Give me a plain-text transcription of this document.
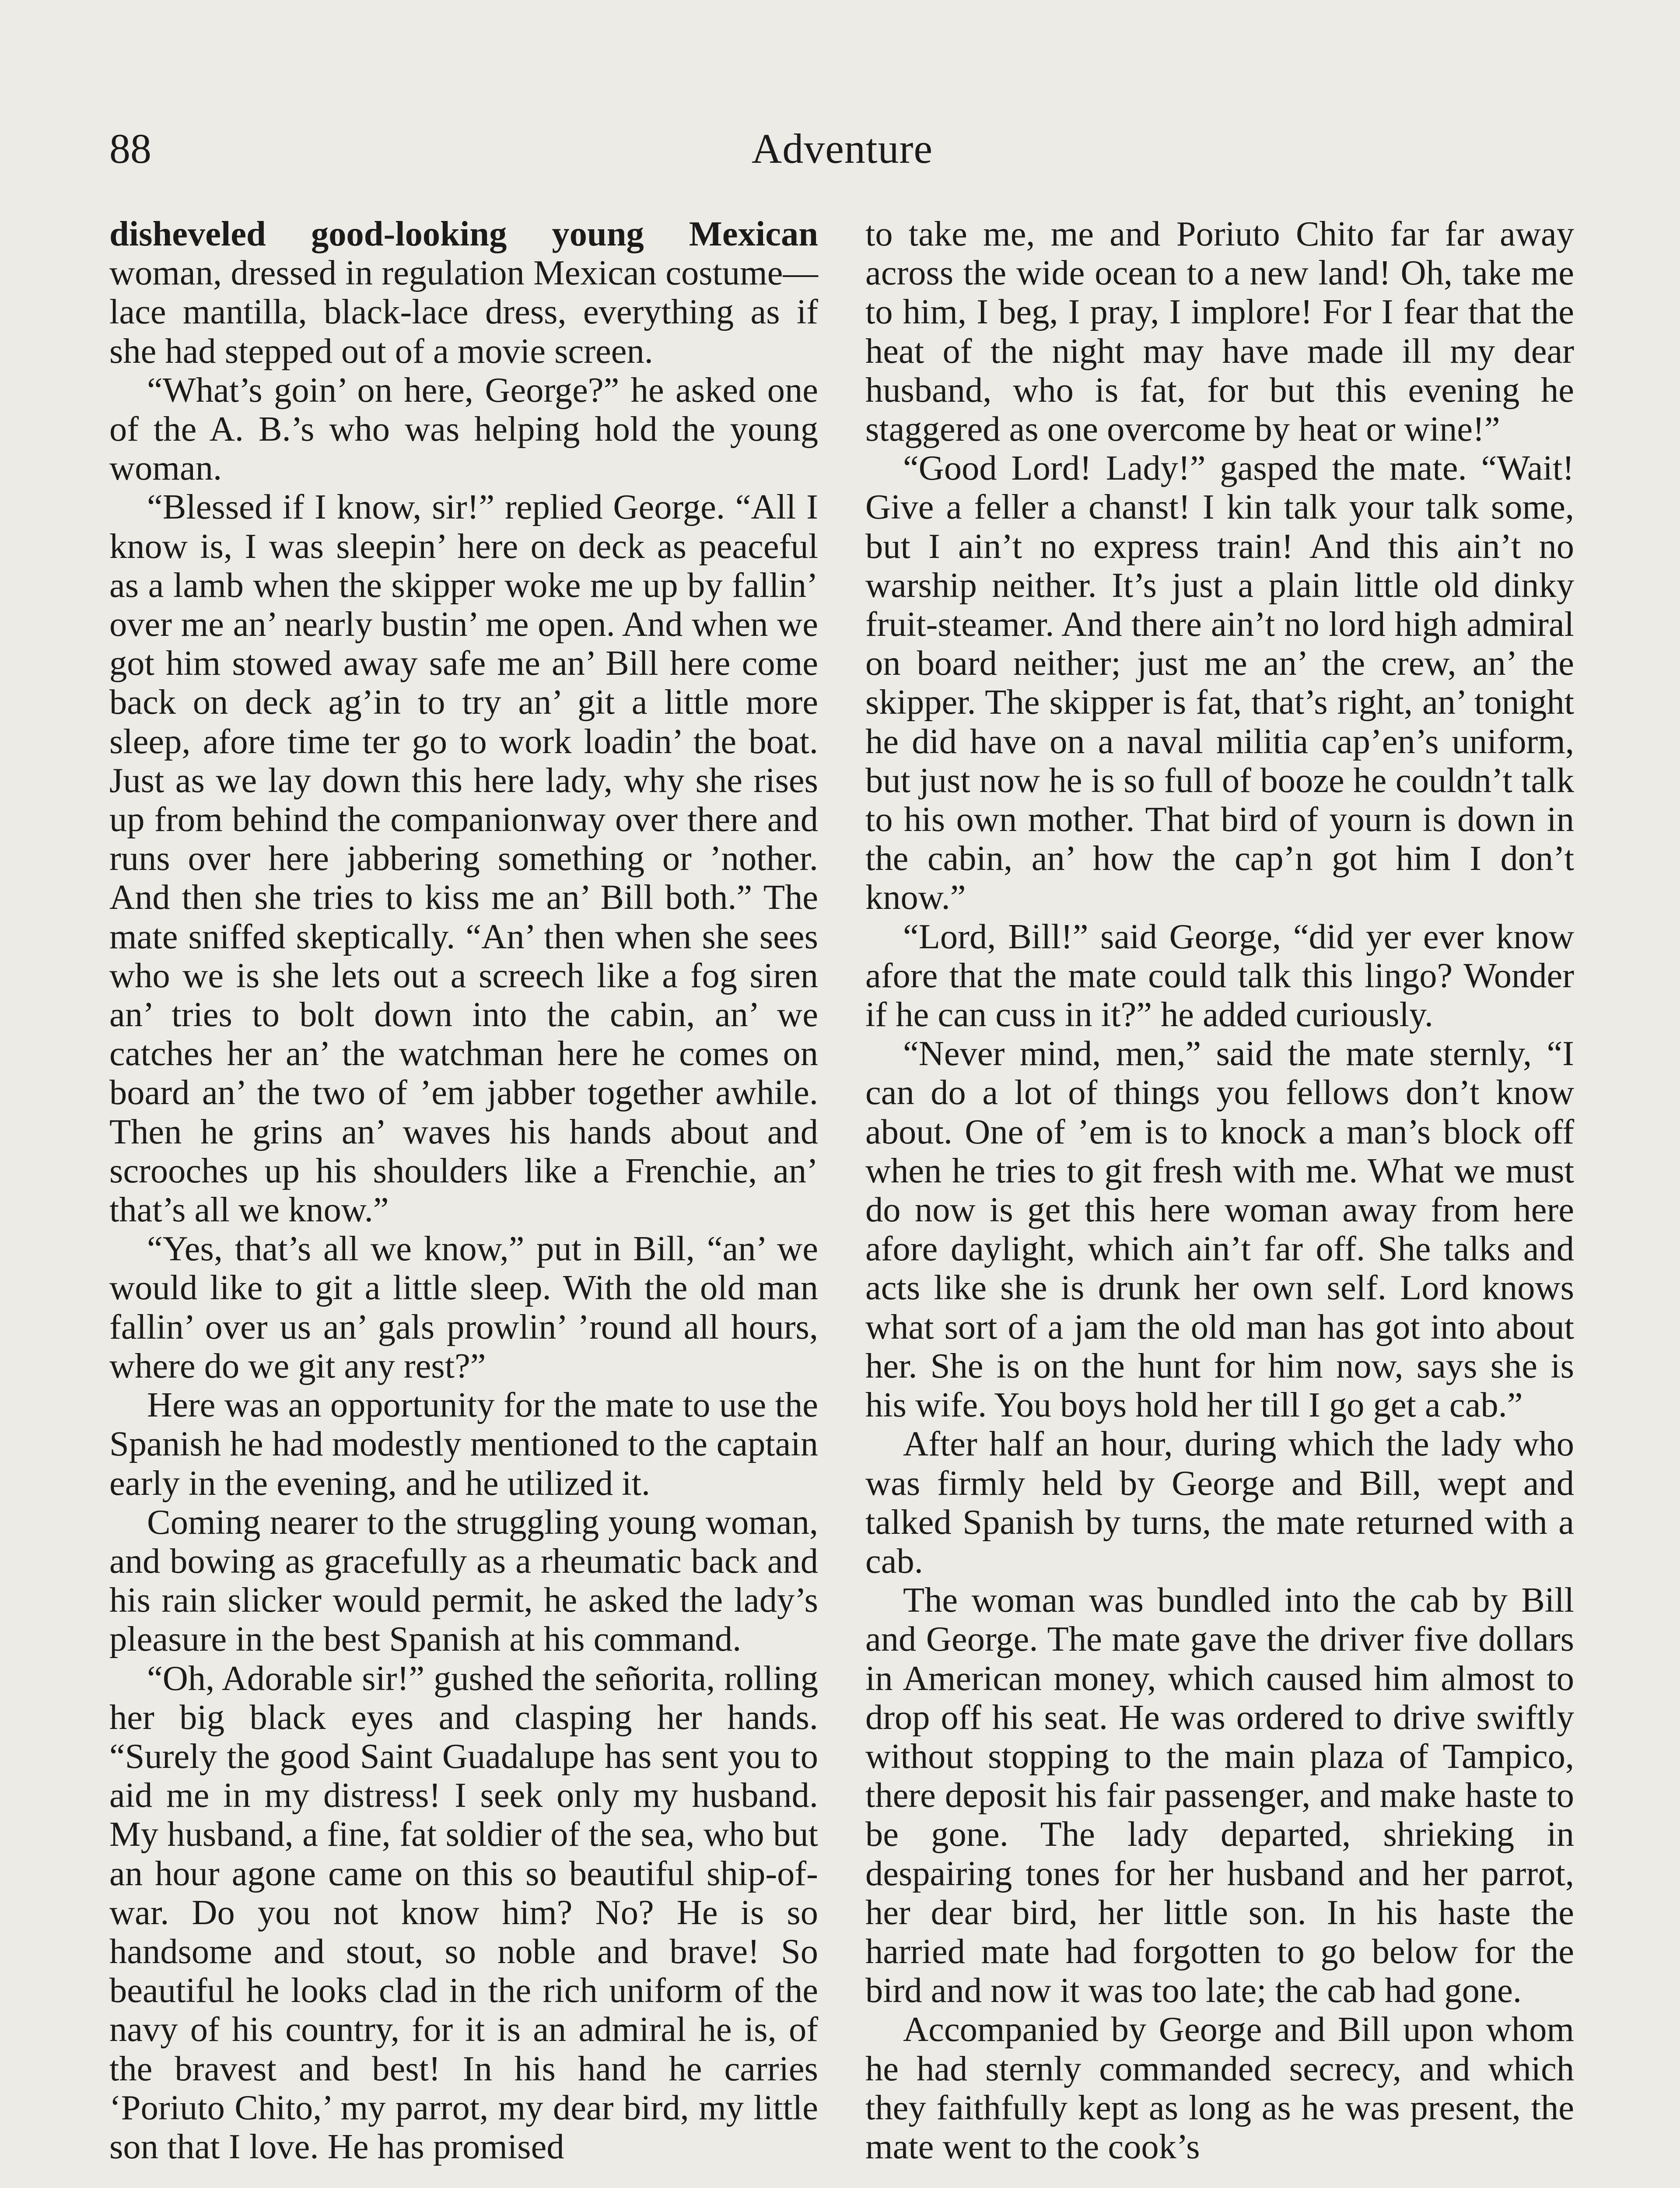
88	Adventure

disheveled good-looking young Mexican woman, dressed in regulation Mexican costume—lace mantilla, black-lace dress, everything as if she had stepped out of a movie screen.

“What’s goin’ on here, George?” he asked one of the A. B.’s who was helping hold the young woman.

“Blessed if I know, sir!” replied George. “All I know is, I was sleepin’ here on deck as peaceful as a lamb when the skipper woke me up by fallin’ over me an’ nearly bustin’ me open. And when we got him stowed away safe me an’ Bill here come back on deck ag’in to try an’ git a little more sleep, afore time ter go to work loadin’ the boat. Just as we lay down this here lady, why she rises up from behind the companionway over there and runs over here jabbering something or ’nother. And then she tries to kiss me an’ Bill both.” The mate sniffed skeptically. “An’ then when she sees who we is she lets out a screech like a fog siren an’ tries to bolt down into the cabin, an’ we catches her an’ the watchman here he comes on board an’ the two of ’em jabber together awhile. Then he grins an’ waves his hands about and scrooches up his shoulders like a Frenchie, an’ that’s all we know.”

“Yes, that’s all we know,” put in Bill, “an’ we would like to git a little sleep. With the old man fallin’ over us an’ gals prowlin’ ’round all hours, where do we git any rest?”

Here was an opportunity for the mate to use the Spanish he had modestly mentioned to the captain early in the evening, and he utilized it.

Coming nearer to the struggling young woman, and bowing as gracefully as a rheumatic back and his rain slicker would permit, he asked the lady’s pleasure in the best Spanish at his command.

“Oh, Adorable sir!” gushed the señorita, rolling her big black eyes and clasping her hands. “Surely the good Saint Guadalupe has sent you to aid me in my distress! I seek only my husband. My husband, a fine, fat soldier of the sea, who but an hour agone came on this so beautiful ship-of-war. Do you not know him? No? He is so handsome and stout, so noble and brave! So beautiful he looks clad in the rich uniform of the navy of his country, for it is an admiral he is, of the bravest and best! In his hand he carries ‘Poriuto Chito,’ my parrot, my dear bird, my little son that I love. He has promised

to take me, me and Poriuto Chito far far away across the wide ocean to a new land! Oh, take me to him, I beg, I pray, I implore! For I fear that the heat of the night may have made ill my dear husband, who is fat, for but this evening he staggered as one overcome by heat or wine!”

“Good Lord! Lady!” gasped the mate. “Wait! Give a feller a chanst! I kin talk your talk some, but I ain’t no express train! And this ain’t no warship neither. It’s just a plain little old dinky fruit-steamer. And there ain’t no lord high admiral on board neither; just me an’ the crew, an’ the skipper. The skipper is fat, that’s right, an’ tonight he did have on a naval militia cap’en’s uniform, but just now he is so full of booze he couldn’t talk to his own mother. That bird of yourn is down in the cabin, an’ how the cap’n got him I don’t know.”

“Lord, Bill!” said George, “did yer ever know afore that the mate could talk this lingo? Wonder if he can cuss in it?” he added curiously.

“Never mind, men,” said the mate sternly, “I can do a lot of things you fellows don’t know about. One of ’em is to knock a man’s block off when he tries to git fresh with me. What we must do now is get this here woman away from here afore daylight, which ain’t far off. She talks and acts like she is drunk her own self. Lord knows what sort of a jam the old man has got into about her. She is on the hunt for him now, says she is his wife. You boys hold her till I go get a cab.”

After half an hour, during which the lady who was firmly held by George and Bill, wept and talked Spanish by turns, the mate returned with a cab.

The woman was bundled into the cab by Bill and George. The mate gave the driver five dollars in American money, which caused him almost to drop off his seat. He was ordered to drive swiftly without stopping to the main plaza of Tampico, there deposit his fair passenger, and make haste to be gone. The lady departed, shrieking in despairing tones for her husband and her parrot, her dear bird, her little son. In his haste the harried mate had forgotten to go below for the bird and now it was too late; the cab had gone.

Accompanied by George and Bill upon whom he had sternly commanded secrecy, and which they faithfully kept as long as he was present, the mate went to the cook’s
